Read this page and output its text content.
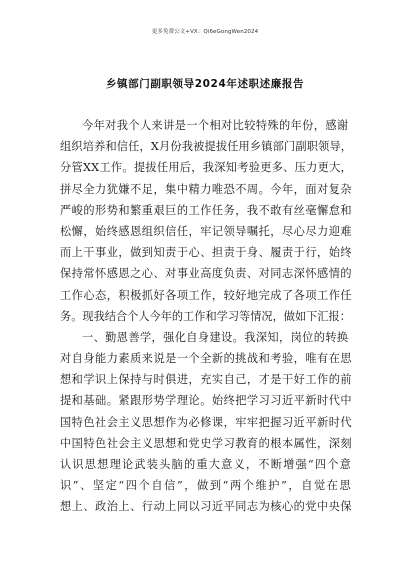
更多免费公文+VX：Qi6eGongWen2024
乡镇部门副职领导2024年述职述廉报告
今年对我个人来讲是一个相对比较特殊的年份，感谢
组织培养和信任，X月份我被提拔任用乡镇部门副职领导，
分管XX工作。提拔任用后，我深知考验更多、压力更大，
拼尽全力犹嫌不足，集中精力唯恐不周。今年，面对复杂
严峻的形势和繁重艰巨的工作任务，我不敢有丝毫懈怠和
松懈，始终感恩组织信任，牢记领导嘱托，尽心尽力迎难
而上干事业，做到知责于心、担责于身、履责于行，始终
保持常怀感恩之心、对事业高度负责、对同志深怀感情的
工作心态，积极抓好各项工作，较好地完成了各项工作任
务。现我结合个人今年的工作和学习等情况，做如下汇报：
一、勤恩善学，强化自身建设。我深知，岗位的转换
对自身能力素质来说是一个全新的挑战和考验，唯有在思
想和学识上保持与时俱进，充实自己，才是干好工作的前
提和基础。紧跟形势学理论。始终把学习习近平新时代中
国特色社会主义思想作为必修课，牢牢把握习近平新时代
中国特色社会主义思想和党史学习教育的根本属性，深刻
认识思想理论武装头脑的重大意义，不断增强“四个意
识”、坚定“四个自信”，做到“两个维护”，自觉在思
想上、政治上、行动上同以习近平同志为核心的党中央保
